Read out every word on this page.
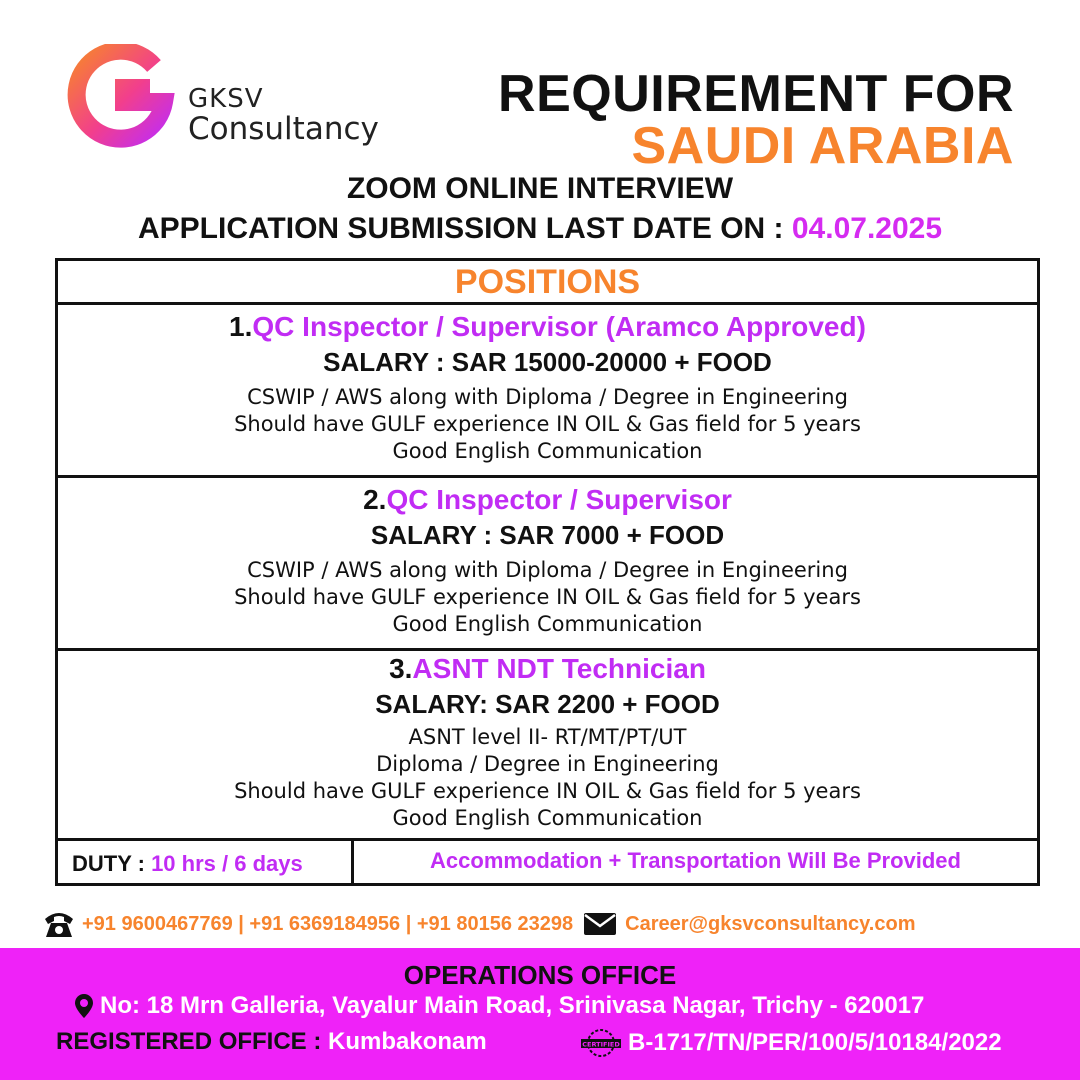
GKSV
Consultancy
REQUIREMENT FOR
SAUDI ARABIA
ZOOM ONLINE INTERVIEW
APPLICATION SUBMISSION LAST DATE ON : 04.07.2025
POSITIONS
1.QC Inspector / Supervisor (Aramco Approved)
SALARY : SAR 15000-20000 + FOOD
CSWIP / AWS along with Diploma / Degree in Engineering
Should have GULF experience IN OIL & Gas field for 5 years
Good English Communication
2.QC Inspector / Supervisor
SALARY : SAR 7000 + FOOD
CSWIP / AWS along with Diploma / Degree in Engineering
Should have GULF experience IN OIL & Gas field for 5 years
Good English Communication
3.ASNT NDT Technician
SALARY: SAR 2200 + FOOD
ASNT level II- RT/MT/PT/UT
Diploma / Degree in Engineering
Should have GULF experience IN OIL & Gas field for 5 years
Good English Communication
DUTY : 10 hrs / 6 days	Accommodation + Transportation Will Be Provided
+91 9600467769 | +91 6369184956 | +91 80156 23298	Career@gksvconsultancy.com
OPERATIONS OFFICE
No: 18 Mrn Galleria, Vayalur Main Road, Srinivasa Nagar, Trichy - 620017
REGISTERED OFFICE : Kumbakonam	CERTIFIED B-1717/TN/PER/100/5/10184/2022
